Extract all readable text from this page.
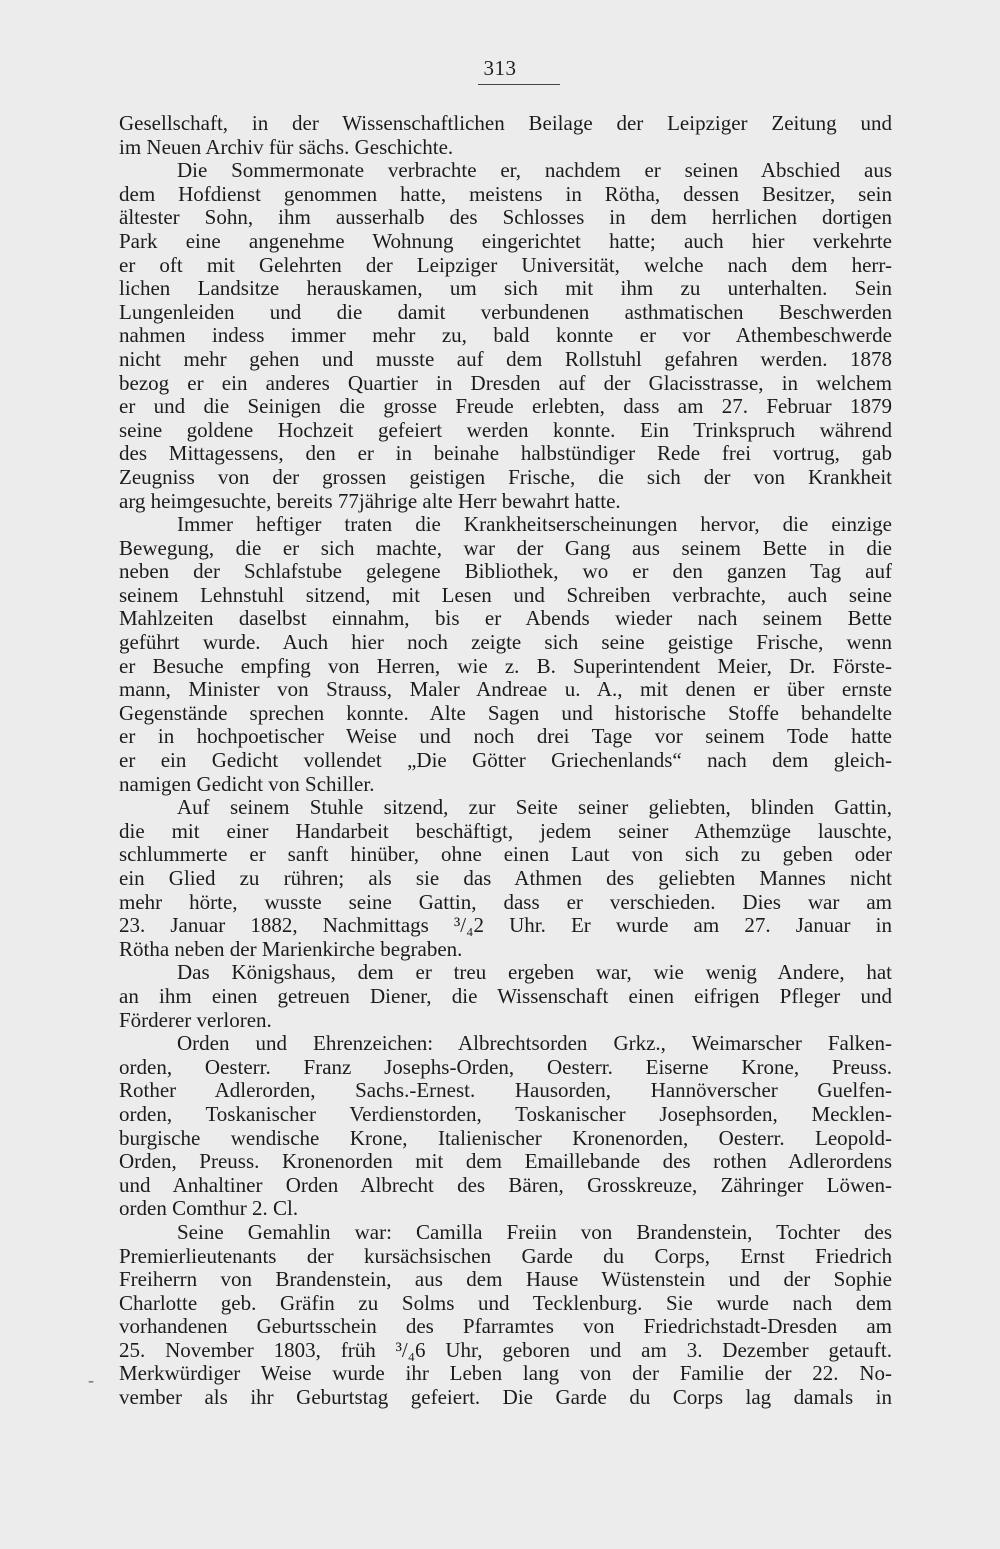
313
-
Gesellschaft, in der Wissenschaftlichen Beilage der Leipziger Zeitung und
im Neuen Archiv für sächs. Geschichte.
Die Sommermonate verbrachte er, nachdem er seinen Abschied aus
dem Hofdienst genommen hatte, meistens in Rötha, dessen Besitzer, sein
ältester Sohn, ihm ausserhalb des Schlosses in dem herrlichen dortigen
Park eine angenehme Wohnung eingerichtet hatte; auch hier verkehrte
er oft mit Gelehrten der Leipziger Universität, welche nach dem herr-
lichen Landsitze herauskamen, um sich mit ihm zu unterhalten. Sein
Lungenleiden und die damit verbundenen asthmatischen Beschwerden
nahmen indess immer mehr zu, bald konnte er vor Athembeschwerde
nicht mehr gehen und musste auf dem Rollstuhl gefahren werden. 1878
bezog er ein anderes Quartier in Dresden auf der Glacisstrasse, in welchem
er und die Seinigen die grosse Freude erlebten, dass am 27. Februar 1879
seine goldene Hochzeit gefeiert werden konnte. Ein Trinkspruch während
des Mittagessens, den er in beinahe halbstündiger Rede frei vortrug, gab
Zeugniss von der grossen geistigen Frische, die sich der von Krankheit
arg heimgesuchte, bereits 77jährige alte Herr bewahrt hatte.
Immer heftiger traten die Krankheitserscheinungen hervor, die einzige
Bewegung, die er sich machte, war der Gang aus seinem Bette in die
neben der Schlafstube gelegene Bibliothek, wo er den ganzen Tag auf
seinem Lehnstuhl sitzend, mit Lesen und Schreiben verbrachte, auch seine
Mahlzeiten daselbst einnahm, bis er Abends wieder nach seinem Bette
geführt wurde. Auch hier noch zeigte sich seine geistige Frische, wenn
er Besuche empfing von Herren, wie z. B. Superintendent Meier, Dr. Förste-
mann, Minister von Strauss, Maler Andreae u. A., mit denen er über ernste
Gegenstände sprechen konnte. Alte Sagen und historische Stoffe behandelte
er in hochpoetischer Weise und noch drei Tage vor seinem Tode hatte
er ein Gedicht vollendet „Die Götter Griechenlands“ nach dem gleich-
namigen Gedicht von Schiller.
Auf seinem Stuhle sitzend, zur Seite seiner geliebten, blinden Gattin,
die mit einer Handarbeit beschäftigt, jedem seiner Athemzüge lauschte,
schlummerte er sanft hinüber, ohne einen Laut von sich zu geben oder
ein Glied zu rühren; als sie das Athmen des geliebten Mannes nicht
mehr hörte, wusste seine Gattin, dass er verschieden. Dies war am
23. Januar 1882, Nachmittags ³/₄2 Uhr. Er wurde am 27. Januar in
Rötha neben der Marienkirche begraben.
Das Königshaus, dem er treu ergeben war, wie wenig Andere, hat
an ihm einen getreuen Diener, die Wissenschaft einen eifrigen Pfleger und
Förderer verloren.
Orden und Ehrenzeichen: Albrechtsorden Grkz., Weimarscher Falken-
orden, Oesterr. Franz Josephs-Orden, Oesterr. Eiserne Krone, Preuss.
Rother Adlerorden, Sachs.-Ernest. Hausorden, Hannöverscher Guelfen-
orden, Toskanischer Verdienstorden, Toskanischer Josephsorden, Mecklen-
burgische wendische Krone, Italienischer Kronenorden, Oesterr. Leopold-
Orden, Preuss. Kronenorden mit dem Emaillebande des rothen Adlerordens
und Anhaltiner Orden Albrecht des Bären, Grosskreuze, Zähringer Löwen-
orden Comthur 2. Cl.
Seine Gemahlin war: Camilla Freiin von Brandenstein, Tochter des
Premierlieutenants der kursächsischen Garde du Corps, Ernst Friedrich
Freiherrn von Brandenstein, aus dem Hause Wüstenstein und der Sophie
Charlotte geb. Gräfin zu Solms und Tecklenburg. Sie wurde nach dem
vorhandenen Geburtsschein des Pfarramtes von Friedrichstadt-Dresden am
25. November 1803, früh ³/₄6 Uhr, geboren und am 3. Dezember getauft.
Merkwürdiger Weise wurde ihr Leben lang von der Familie der 22. No-
vember als ihr Geburtstag gefeiert. Die Garde du Corps lag damals in
